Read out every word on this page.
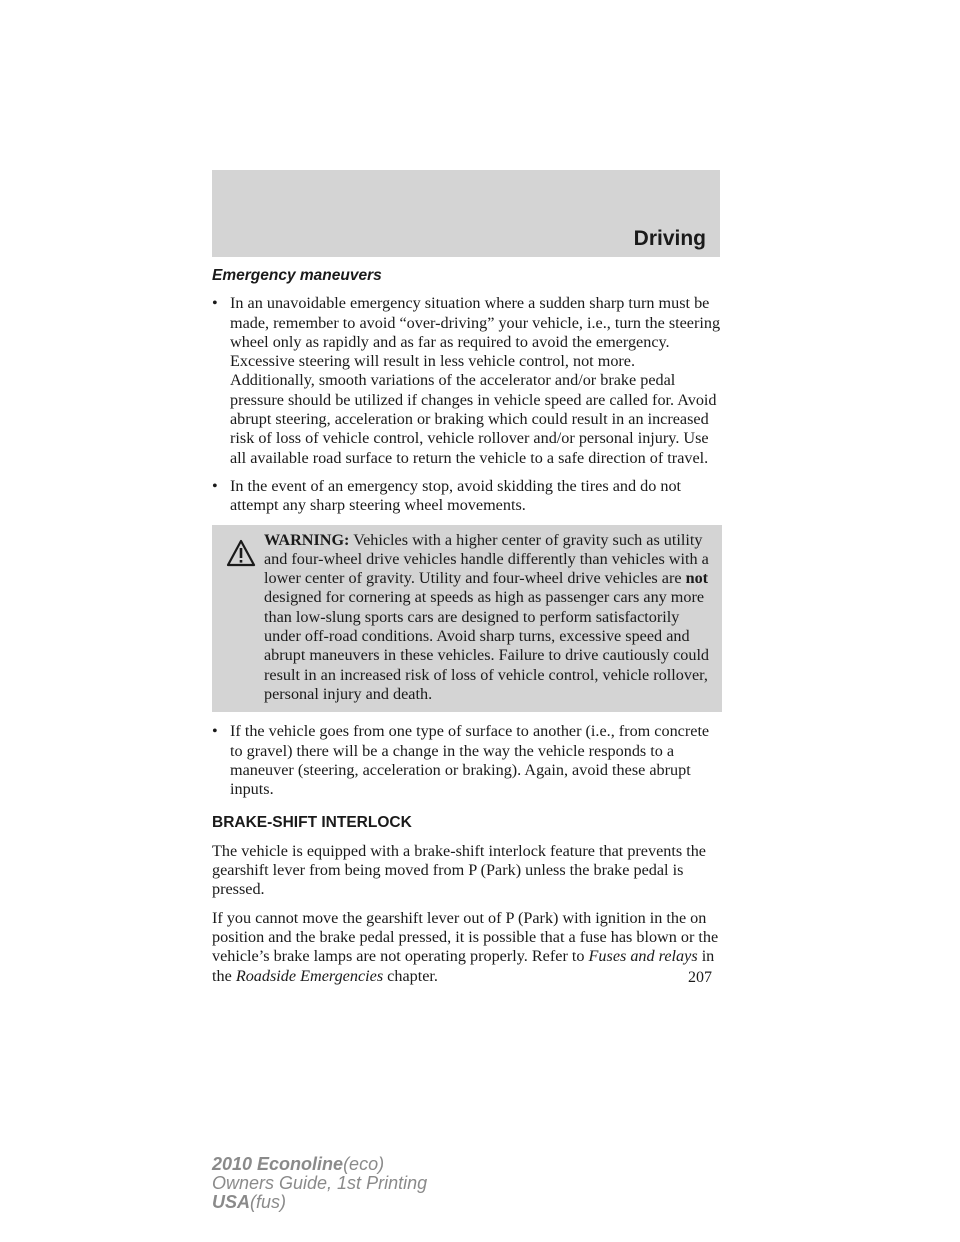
Driving
Emergency maneuvers
• In an unavoidable emergency situation where a sudden sharp turn must be made, remember to avoid “over-driving” your vehicle, i.e., turn the steering wheel only as rapidly and as far as required to avoid the emergency. Excessive steering will result in less vehicle control, not more. Additionally, smooth variations of the accelerator and/or brake pedal pressure should be utilized if changes in vehicle speed are called for. Avoid abrupt steering, acceleration or braking which could result in an increased risk of loss of vehicle control, vehicle rollover and/or personal injury. Use all available road surface to return the vehicle to a safe direction of travel.
• In the event of an emergency stop, avoid skidding the tires and do not attempt any sharp steering wheel movements.
WARNING: Vehicles with a higher center of gravity such as utility and four-wheel drive vehicles handle differently than vehicles with a lower center of gravity. Utility and four-wheel drive vehicles are not designed for cornering at speeds as high as passenger cars any more than low-slung sports cars are designed to perform satisfactorily under off-road conditions. Avoid sharp turns, excessive speed and abrupt maneuvers in these vehicles. Failure to drive cautiously could result in an increased risk of loss of vehicle control, vehicle rollover, personal injury and death.
• If the vehicle goes from one type of surface to another (i.e., from concrete to gravel) there will be a change in the way the vehicle responds to a maneuver (steering, acceleration or braking). Again, avoid these abrupt inputs.
BRAKE-SHIFT INTERLOCK

The vehicle is equipped with a brake-shift interlock feature that prevents the gearshift lever from being moved from P (Park) unless the brake pedal is pressed.

If you cannot move the gearshift lever out of P (Park) with ignition in the on position and the brake pedal pressed, it is possible that a fuse has blown or the vehicle’s brake lamps are not operating properly. Refer to Fuses and relays in the Roadside Emergencies chapter.	207
2010 Econoline(eco)
Owners Guide, 1st Printing
USA(fus)
